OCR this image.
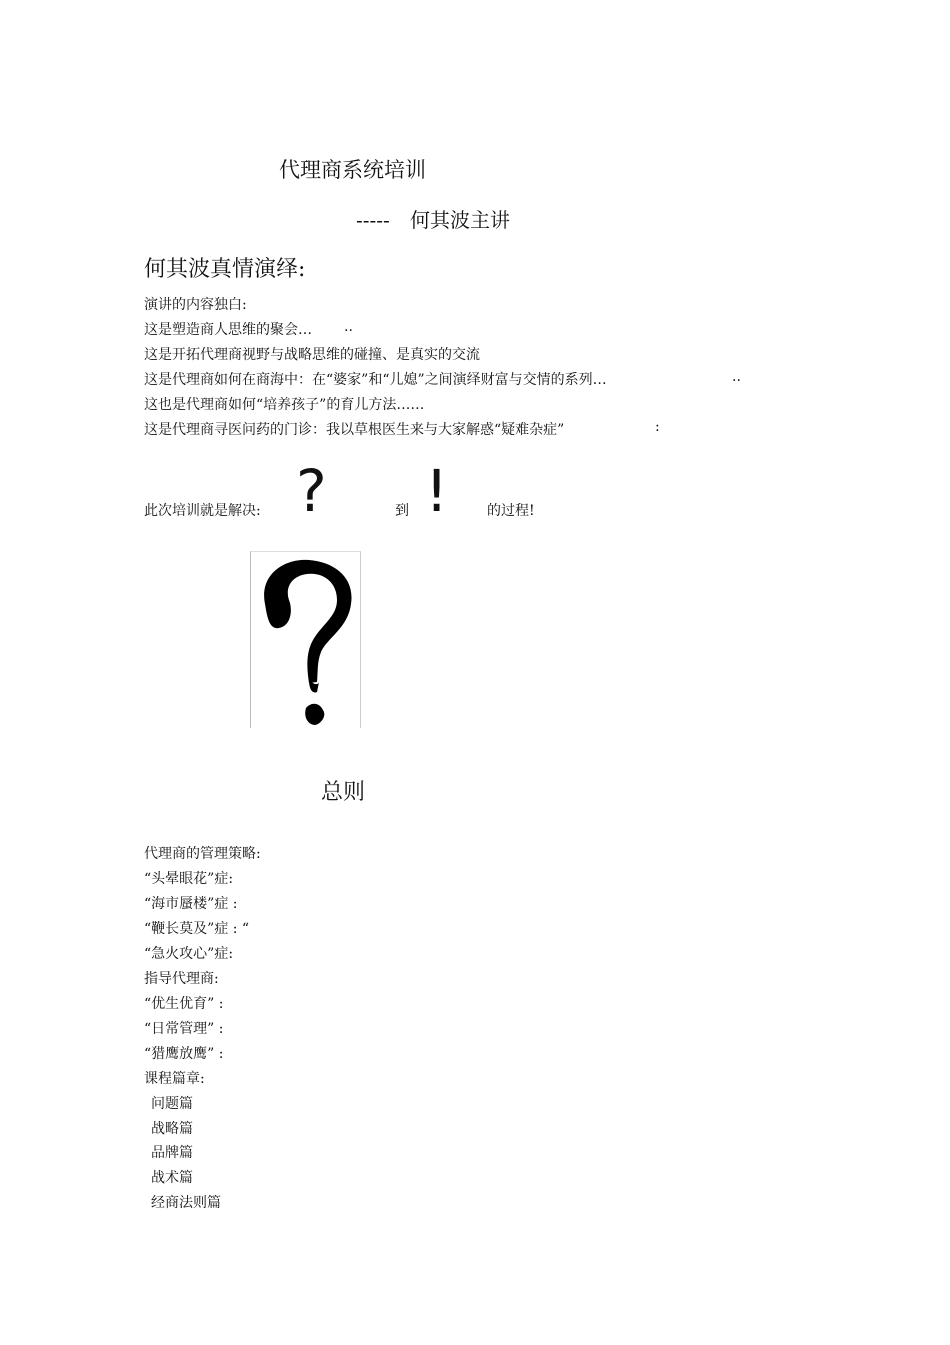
代理商系统培训
----- 何其波主讲
何其波真情演绎:
演讲的内容独白:
这是塑造商人思维的聚会… ..
这是开拓代理商视野与战略思维的碰撞、是真实的交流
这是代理商如何在商海中：在“婆家”和“儿媳”之间演绎财富与交情的系列…	..
这也是代理商如何“培养孩子”的育儿方法……
这是代理商寻医问药的门诊：我以草根医生来与大家解惑“疑难杂症”	:
此次培训就是解决: ?	到 !	的过程!
总则
代理商的管理策略:
“头晕眼花”症:
“海市蜃楼”症 :
“鞭长莫及”症 : “
“急火攻心”症:
指导代理商:
“优生优育” :
“日常管理” :
“猎鹰放鹰” :
课程篇章:
问题篇
战略篇
品牌篇
战术篇
经商法则篇
